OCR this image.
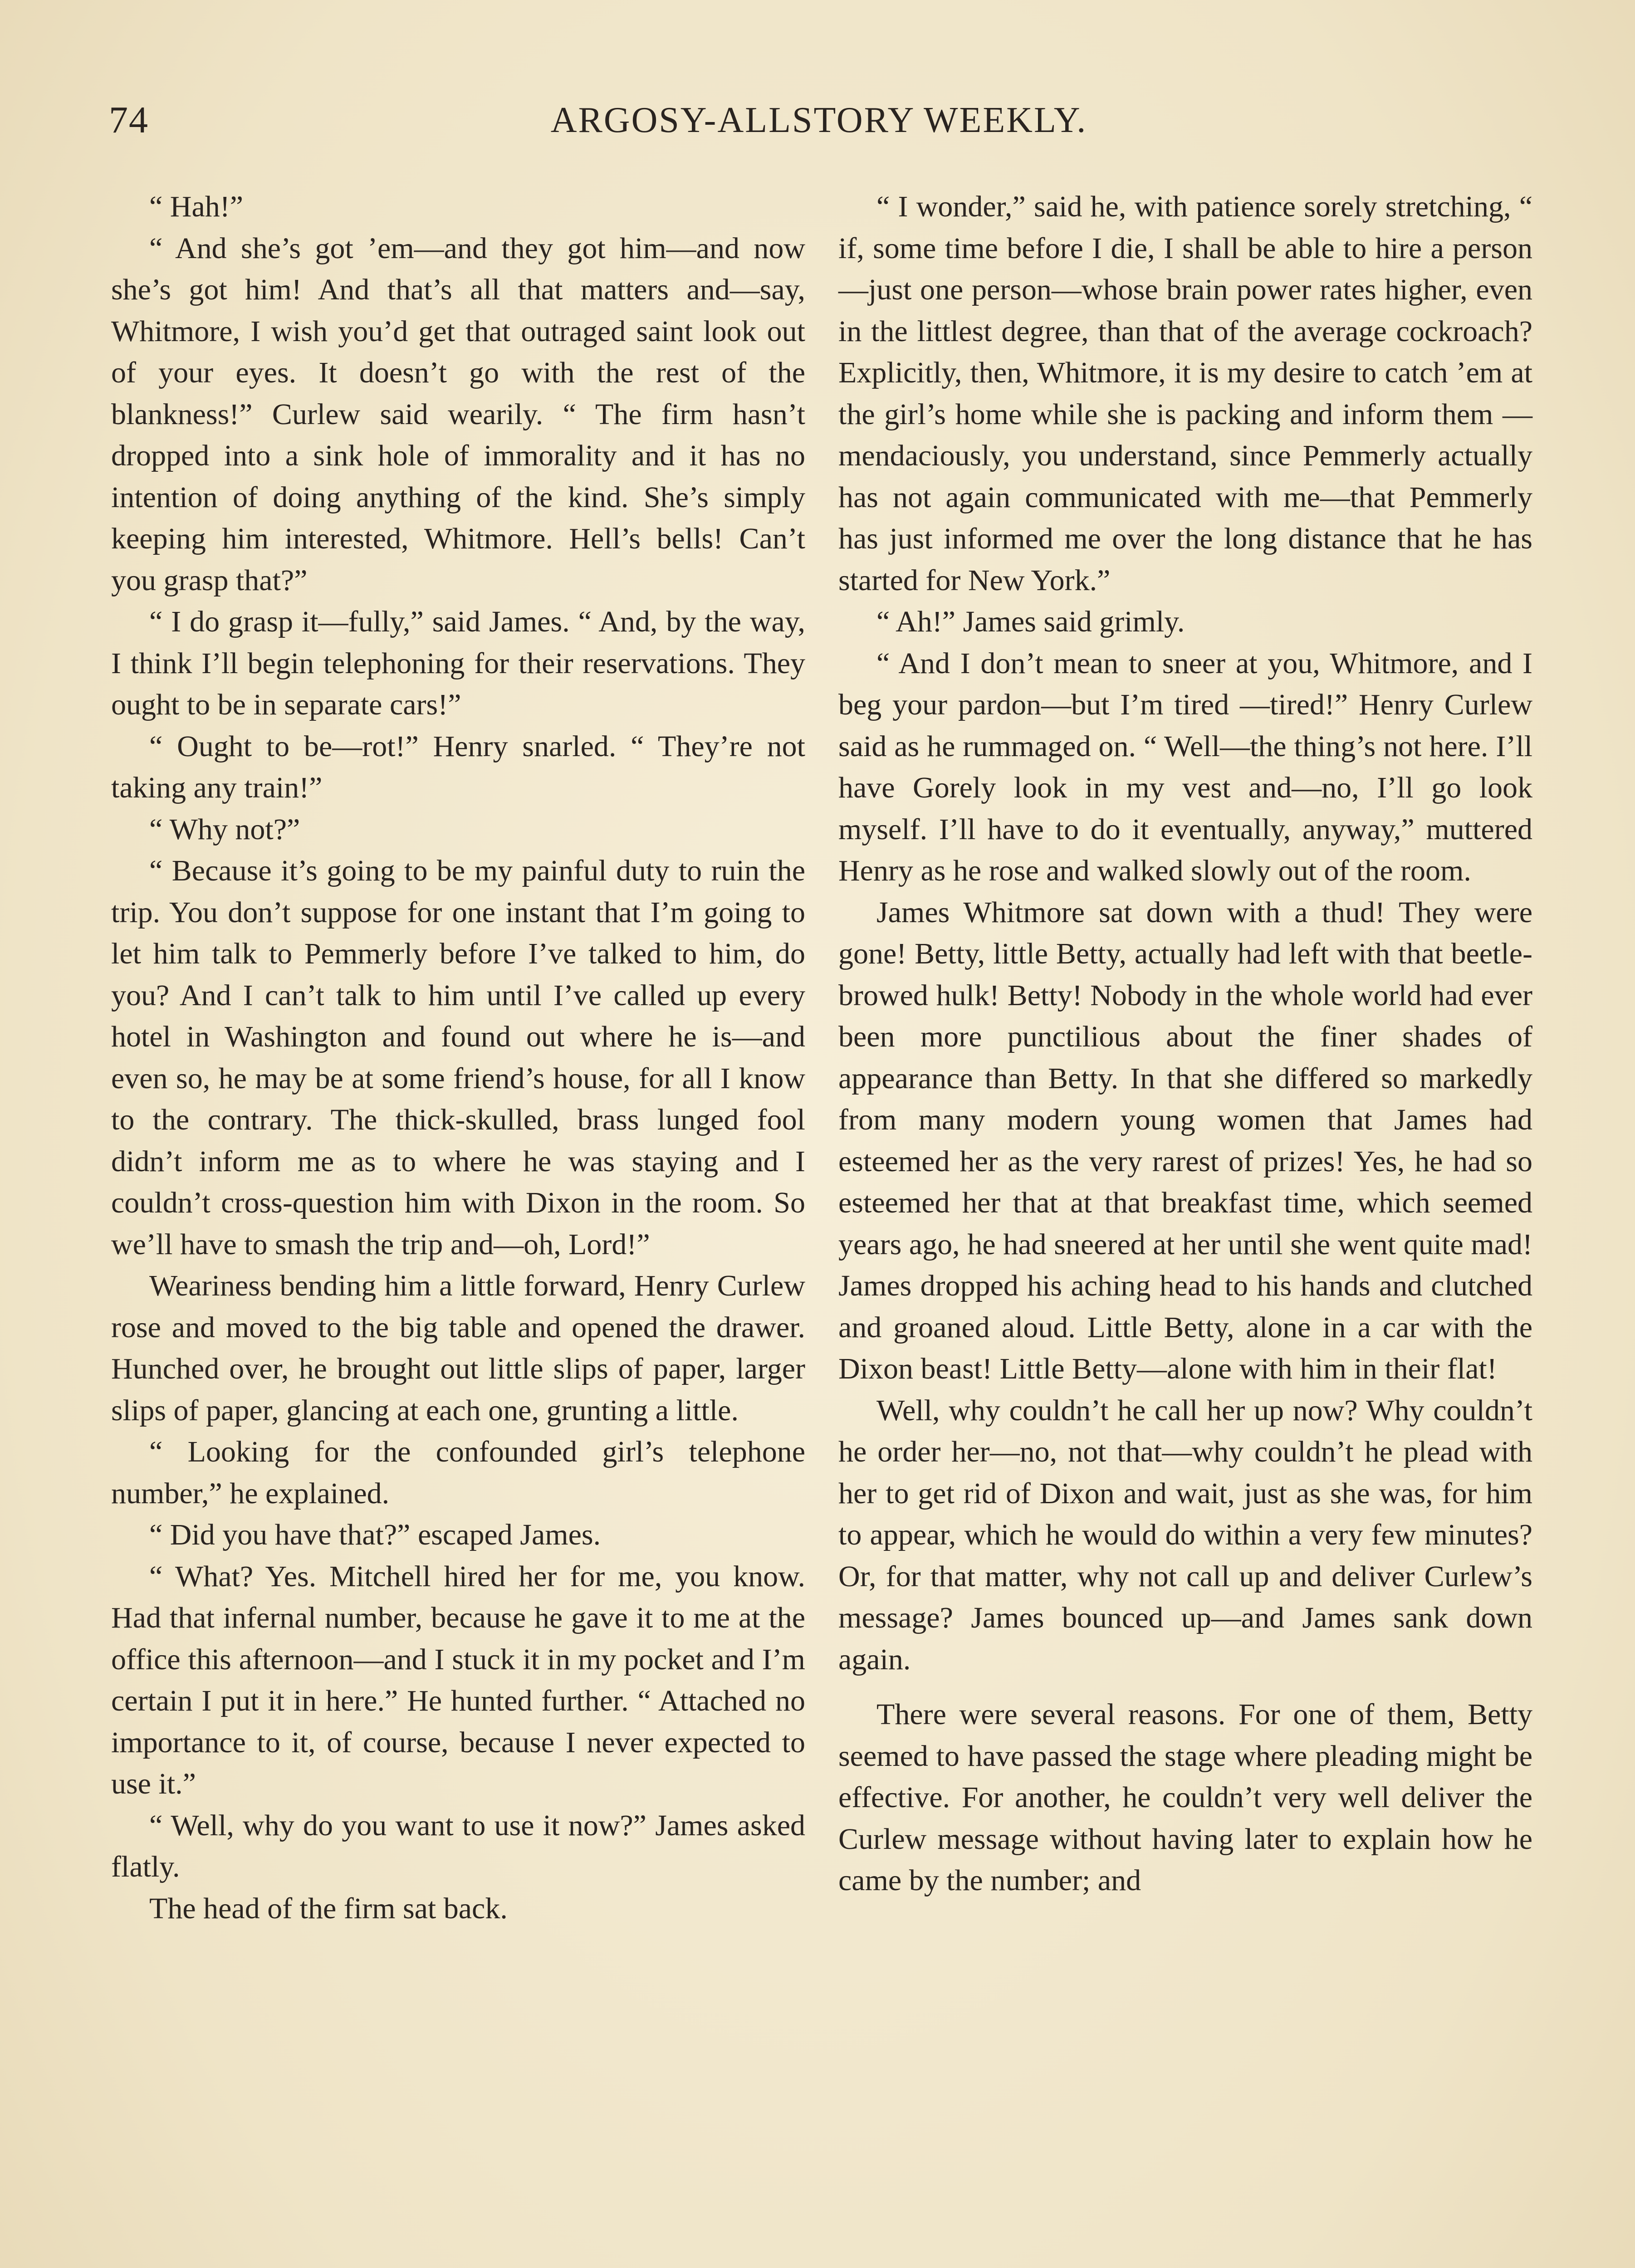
74	ARGOSY-ALLSTORY WEEKLY.

“ Hah!”

“ And she’s got ’em—and they got him—and now she’s got him! And that’s all that matters and—say, Whitmore, I wish you’d get that outraged saint look out of your eyes. It doesn’t go with the rest of the blankness!” Curlew said wearily. “ The firm hasn’t dropped into a sink hole of immorality and it has no intention of doing anything of the kind. She’s simply keeping him interested, Whitmore. Hell’s bells! Can’t you grasp that?”

“ I do grasp it—fully,” said James. “ And, by the way, I think I’ll begin telephoning for their reservations. They ought to be in separate cars!”

“ Ought to be—rot!” Henry snarled. “ They’re not taking any train!”

“ Why not?”

“ Because it’s going to be my painful duty to ruin the trip. You don’t suppose for one instant that I’m going to let him talk to Pemmerly before I’ve talked to him, do you? And I can’t talk to him until I’ve called up every hotel in Washington and found out where he is—and even so, he may be at some friend’s house, for all I know to the contrary. The thick-skulled, brass lunged fool didn’t inform me as to where he was staying and I couldn’t cross-question him with Dixon in the room. So we’ll have to smash the trip and—oh, Lord!”

Weariness bending him a little forward, Henry Curlew rose and moved to the big table and opened the drawer. Hunched over, he brought out little slips of paper, larger slips of paper, glancing at each one, grunting a little.

“ Looking for the confounded girl’s telephone number,” he explained.

“ Did you have that?” escaped James.

“ What? Yes. Mitchell hired her for me, you know. Had that infernal number, because he gave it to me at the office this afternoon—and I stuck it in my pocket and I’m certain I put it in here.” He hunted further. “ Attached no importance to it, of course, because I never expected to use it.”

“ Well, why do you want to use it now?” James asked flatly.

The head of the firm sat back.

“ I wonder,” said he, with patience sorely stretching, “ if, some time before I die, I shall be able to hire a person—just one person—whose brain power rates higher, even in the littlest degree, than that of the average cockroach? Explicitly, then, Whitmore, it is my desire to catch ’em at the girl’s home while she is packing and inform them —mendaciously, you understand, since Pemmerly actually has not again communicated with me—that Pemmerly has just informed me over the long distance that he has started for New York.”

“ Ah!” James said grimly.

“ And I don’t mean to sneer at you, Whitmore, and I beg your pardon—but I’m tired —tired!” Henry Curlew said as he rummaged on. “ Well—the thing’s not here. I’ll have Gorely look in my vest and—no, I’ll go look myself. I’ll have to do it eventually, anyway,” muttered Henry as he rose and walked slowly out of the room.

James Whitmore sat down with a thud! They were gone! Betty, little Betty, actually had left with that beetle-browed hulk! Betty! Nobody in the whole world had ever been more punctilious about the finer shades of appearance than Betty. In that she differed so markedly from many modern young women that James had esteemed her as the very rarest of prizes! Yes, he had so esteemed her that at that breakfast time, which seemed years ago, he had sneered at her until she went quite mad! James dropped his aching head to his hands and clutched and groaned aloud. Little Betty, alone in a car with the Dixon beast! Little Betty—alone with him in their flat!

Well, why couldn’t he call her up now? Why couldn’t he order her—no, not that—why couldn’t he plead with her to get rid of Dixon and wait, just as she was, for him to appear, which he would do within a very few minutes? Or, for that matter, why not call up and deliver Curlew’s message? James bounced up—and James sank down again.

There were several reasons. For one of them, Betty seemed to have passed the stage where pleading might be effective. For another, he couldn’t very well deliver the Curlew message without having later to explain how he came by the number; and
